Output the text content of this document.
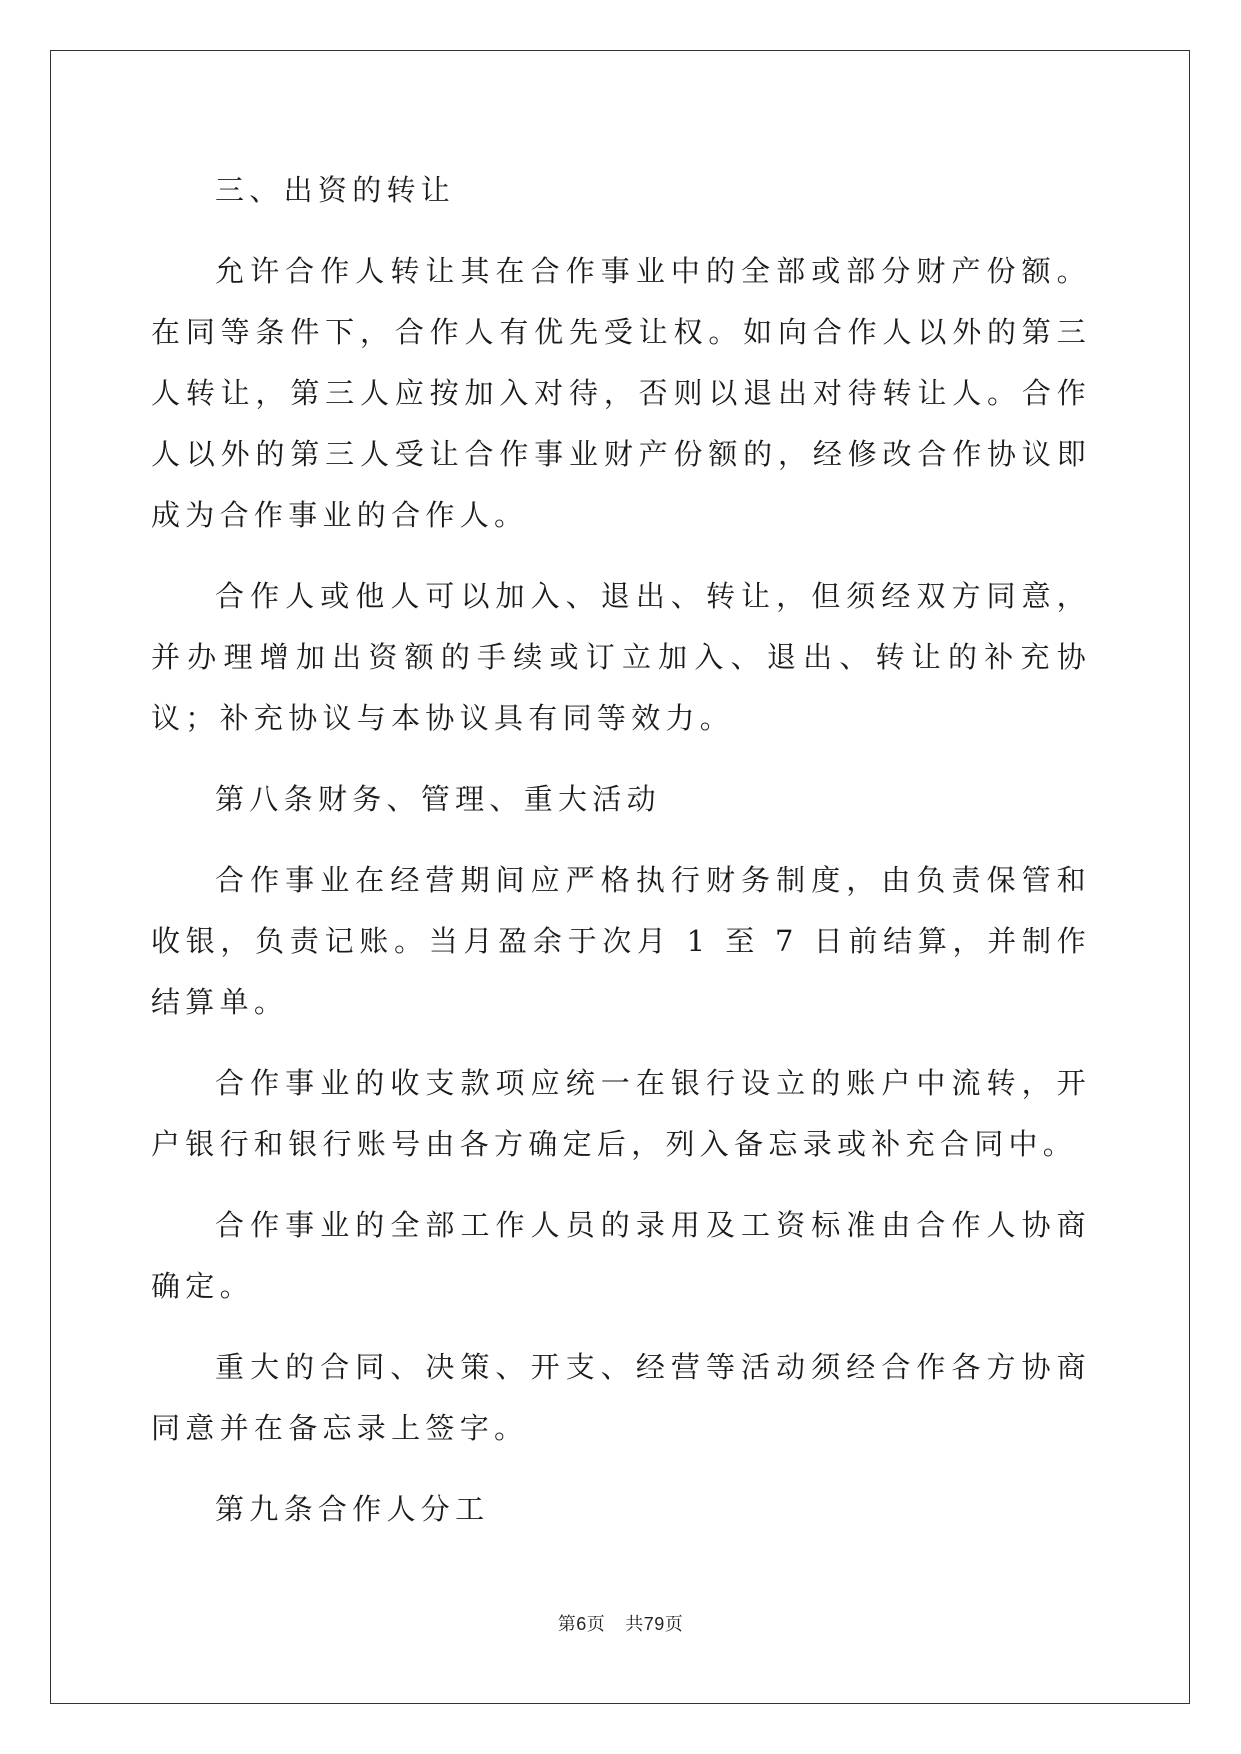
三、出资的转让

允许合作人转让其在合作事业中的全部或部分财产份额。在同等条件下，合作人有优先受让权。如向合作人以外的第三人转让，第三人应按加入对待，否则以退出对待转让人。合作人以外的第三人受让合作事业财产份额的，经修改合作协议即成为合作事业的合作人。

合作人或他人可以加入、退出、转让，但须经双方同意，并办理增加出资额的手续或订立加入、退出、转让的补充协议；补充协议与本协议具有同等效力。

第八条财务、管理、重大活动

合作事业在经营期间应严格执行财务制度，由负责保管和收银，负责记账。当月盈余于次月 1 至 7 日前结算，并制作结算单。

合作事业的收支款项应统一在银行设立的账户中流转，开户银行和银行账号由各方确定后，列入备忘录或补充合同中。

合作事业的全部工作人员的录用及工资标准由合作人协商确定。

重大的合同、决策、开支、经营等活动须经合作各方协商同意并在备忘录上签字。

第九条合作人分工

第6页 共79页
